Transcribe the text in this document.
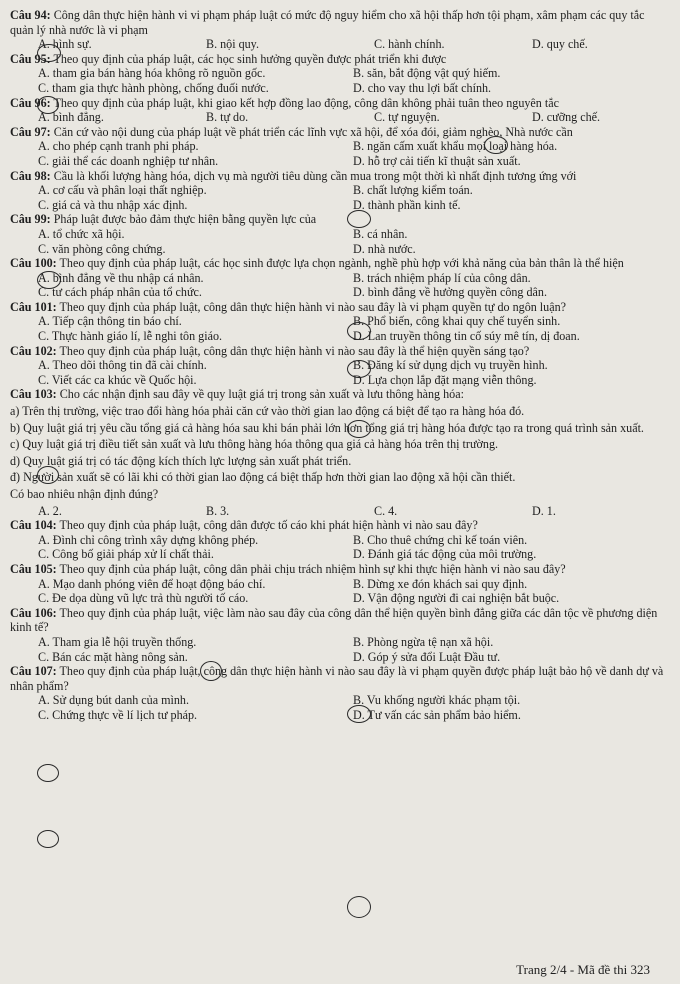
Câu 94: Công dân thực hiện hành vi vi phạm pháp luật có mức độ nguy hiểm cho xã hội thấp hơn tội phạm, xâm phạm các quy tắc quản lý nhà nước là vi phạm

A. hình sự.	B. nội quy.	C. hành chính.	D. quy chế.

Câu 95: Theo quy định của pháp luật, các học sinh hưởng quyền được phát triển khi được

A. tham gia bán hàng hóa không rõ nguồn gốc.	B. săn, bắt động vật quý hiếm.
C. tham gia thực hành phòng, chống đuối nước.	D. cho vay thu lợi bất chính.

Câu 96: Theo quy định của pháp luật, khi giao kết hợp đồng lao động, công dân không phải tuân theo nguyên tắc

A. bình đẳng.	B. tự do.	C. tự nguyện.	D. cưỡng chế.

Câu 97: Căn cứ vào nội dung của pháp luật về phát triển các lĩnh vực xã hội, để xóa đói, giảm nghèo, Nhà nước cần

A. cho phép cạnh tranh phi pháp.	B. ngăn cấm xuất khẩu mọi loại hàng hóa.
C. giải thể các doanh nghiệp tư nhân.	D. hỗ trợ cải tiến kĩ thuật sản xuất.

Câu 98: Cầu là khối lượng hàng hóa, dịch vụ mà người tiêu dùng cần mua trong một thời kì nhất định tương ứng với

A. cơ cấu và phân loại thất nghiệp.	B. chất lượng kiểm toán.
C. giá cả và thu nhập xác định.	D. thành phần kinh tế.

Câu 99: Pháp luật được bảo đảm thực hiện bằng quyền lực của

A. tổ chức xã hội.	B. cá nhân.
C. văn phòng công chứng.	D. nhà nước.

Câu 100: Theo quy định của pháp luật, các học sinh được lựa chọn ngành, nghề phù hợp với khả năng của bản thân là thể hiện

A. bình đẳng về thu nhập cá nhân.	B. trách nhiệm pháp lí của công dân.
C. tư cách pháp nhân của tổ chức.	D. bình đẳng về hưởng quyền công dân.

Câu 101: Theo quy định của pháp luật, công dân thực hiện hành vi nào sau đây là vi phạm quyền tự do ngôn luận?

A. Tiếp cận thông tin báo chí.	B. Phổ biến, công khai quy chế tuyển sinh.
C. Thực hành giáo lí, lễ nghi tôn giáo.	D. Lan truyền thông tin cố súy mê tín, dị đoan.

Câu 102: Theo quy định của pháp luật, công dân thực hiện hành vi nào sau đây là thể hiện quyền sáng tạo?

A. Theo dõi thông tin đã cài chính.	B. Đăng kí sử dụng dịch vụ truyền hình.
C. Viết các ca khúc về Quốc hội.	D. Lựa chọn lắp đặt mạng viễn thông.

Câu 103: Cho các nhận định sau đây về quy luật giá trị trong sản xuất và lưu thông hàng hóa:

a) Trên thị trường, việc trao đổi hàng hóa phải căn cứ vào thời gian lao động cá biệt để tạo ra hàng hóa đó.
b) Quy luật giá trị yêu cầu tổng giá cả hàng hóa sau khi bán phải lớn hơn tổng giá trị hàng hóa được tạo ra trong quá trình sản xuất.
c) Quy luật giá trị điều tiết sản xuất và lưu thông hàng hóa thông qua giá cả hàng hóa trên thị trường.
d) Quy luật giá trị có tác động kích thích lực lượng sản xuất phát triển.
đ) Người sản xuất sẽ có lãi khi có thời gian lao động cá biệt thấp hơn thời gian lao động xã hội cần thiết.
Có bao nhiêu nhận định đúng?
A. 2.	B. 3.	C. 4.	D. 1.

Câu 104: Theo quy định của pháp luật, công dân được tố cáo khi phát hiện hành vi nào sau đây?

A. Đình chỉ công trình xây dựng không phép.	B. Cho thuê chứng chỉ kế toán viên.
C. Công bố giải pháp xử lí chất thải.	D. Đánh giá tác động của môi trường.

Câu 105: Theo quy định của pháp luật, công dân phải chịu trách nhiệm hình sự khi thực hiện hành vi nào sau đây?

A. Mạo danh phóng viên để hoạt động báo chí.	B. Dừng xe đón khách sai quy định.
C. Đe dọa dùng vũ lực trả thù người tố cáo.	D. Vận động người đi cai nghiện bắt buộc.

Câu 106: Theo quy định của pháp luật, việc làm nào sau đây của công dân thể hiện quyền bình đẳng giữa các dân tộc về phương diện kinh tế?

A. Tham gia lễ hội truyền thống.	B. Phòng ngừa tệ nạn xã hội.
C. Bán các mặt hàng nông sản.	D. Góp ý sửa đổi Luật Đầu tư.

Câu 107: Theo quy định của pháp luật, công dân thực hiện hành vi nào sau đây là vi phạm quyền được pháp luật bảo hộ về danh dự và nhân phẩm?

A. Sử dụng bút danh của mình.	B. Vu khống người khác phạm tội.
C. Chứng thực về lí lịch tư pháp.	D. Tư vấn các sản phẩm bảo hiểm.
Trang 2/4 - Mã đề thi 323
